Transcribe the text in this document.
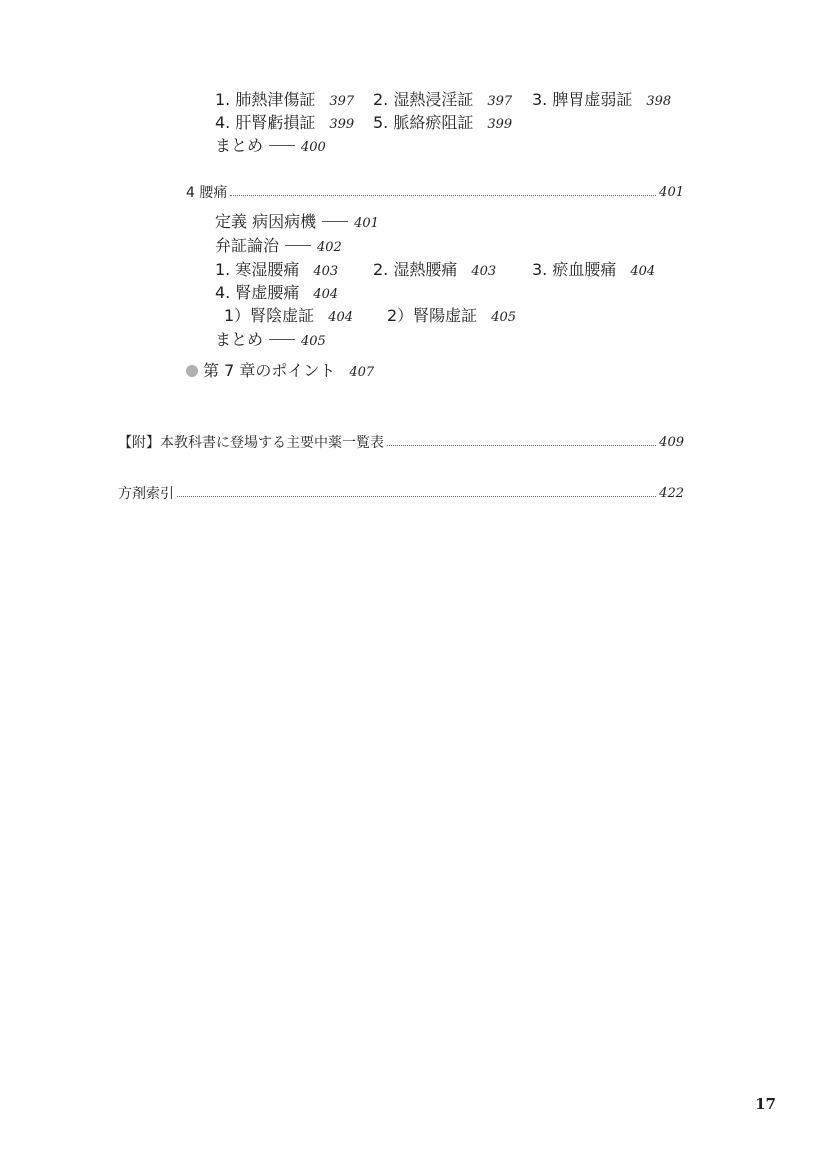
1. 肺熱津傷証 397 2. 湿熱浸淫証 397 3. 脾胃虚弱証 398
4. 肝腎虧損証 399 5. 脈絡瘀阻証 399
まとめ	400
4 腰痛	401
定義 病因病機	401
弁証論治	402
1. 寒湿腰痛 403 2. 湿熱腰痛 403 3. 瘀血腰痛 404
4. 腎虚腰痛 404
1）腎陰虚証 404 2）腎陽虚証 405
まとめ	405
第 7 章のポイント 407
【附】本教科書に登場する主要中薬一覧表	409
方剤索引	422
17
